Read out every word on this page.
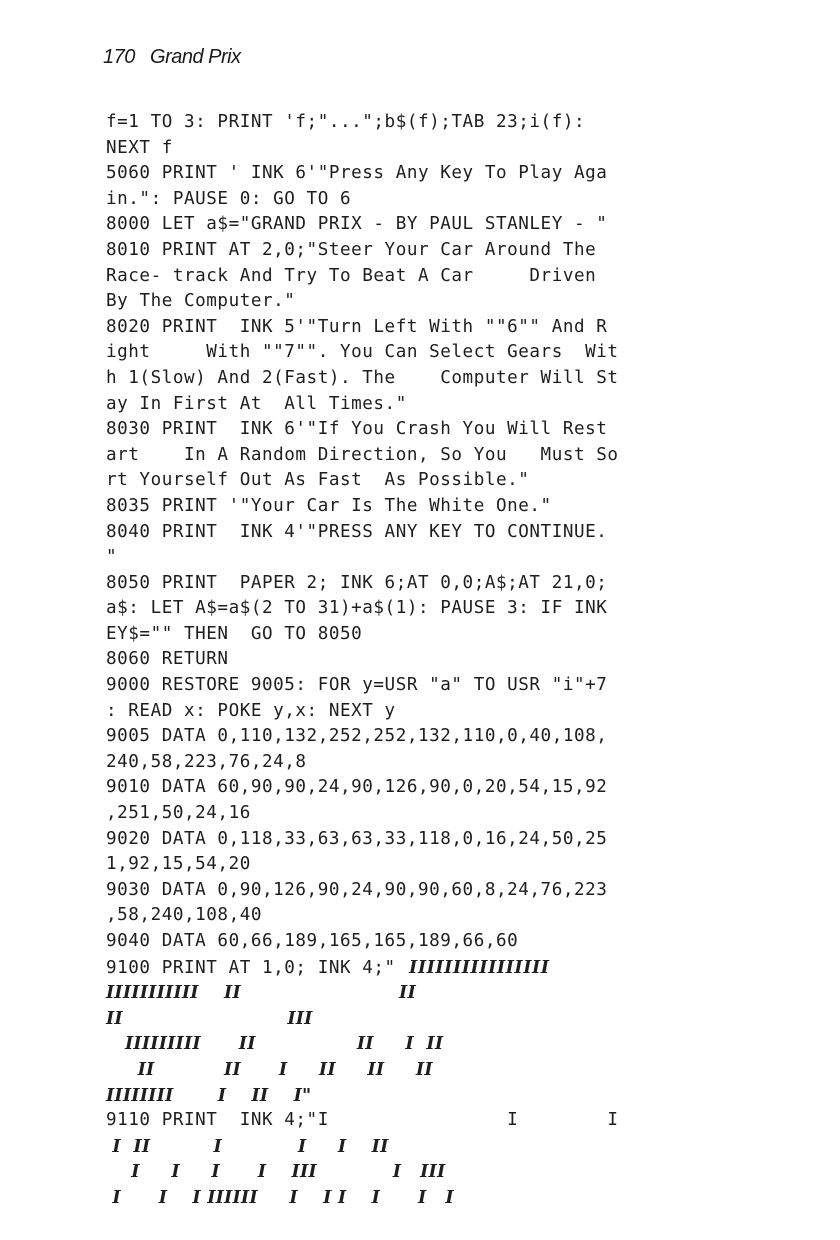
170   Grand Prix
f=1 TO 3: PRINT 'f;"...";b$(f);TAB 23;i(f):
NEXT f
5060 PRINT ' INK 6'"Press Any Key To Play Aga
in.": PAUSE 0: GO TO 6
8000 LET a$="GRAND PRIX - BY PAUL STANLEY - "
8010 PRINT AT 2,0;"Steer Your Car Around The
Race- track And Try To Beat A Car     Driven
By The Computer."
8020 PRINT  INK 5'"Turn Left With ""6"" And R
ight     With ""7"". You Can Select Gears  Wit
h 1(Slow) And 2(Fast). The    Computer Will St
ay In First At  All Times."
8030 PRINT  INK 6'"If You Crash You Will Rest
art    In A Random Direction, So You   Must So
rt Yourself Out As Fast  As Possible."
8035 PRINT '"Your Car Is The White One."
8040 PRINT  INK 4'"PRESS ANY KEY TO CONTINUE.
"
8050 PRINT  PAPER 2; INK 6;AT 0,0;A$;AT 21,0;
a$: LET A$=a$(2 TO 31)+a$(1): PAUSE 3: IF INK
EY$="" THEN  GO TO 8050
8060 RETURN
9000 RESTORE 9005: FOR y=USR "a" TO USR "i"+7
: READ x: POKE y,x: NEXT y
9005 DATA 0,110,132,252,252,132,110,0,40,108,
240,58,223,76,24,8
9010 DATA 60,90,90,24,90,126,90,0,20,54,15,92
,251,50,24,16
9020 DATA 0,118,33,63,63,33,118,0,16,24,50,25
1,92,15,54,20
9030 DATA 0,90,126,90,24,90,90,60,8,24,76,223
,58,240,108,40
9040 DATA 60,66,189,165,165,189,66,60
9100 PRINT AT 1,0; INK 4;"  IIIIIIIIIIIIIIII
IIIIIIIIIII    II                         II
II                          III
IIIIIIIII      II                II     I  II
II           II      I     II     II     II
IIIIIIII       I    II    I"
9110 PRINT  INK 4;"I                I        I
I  II          I            I     I    II
I     I     I      I    III            I   III
I      I    I IIIIII     I    I I    I      I   I
